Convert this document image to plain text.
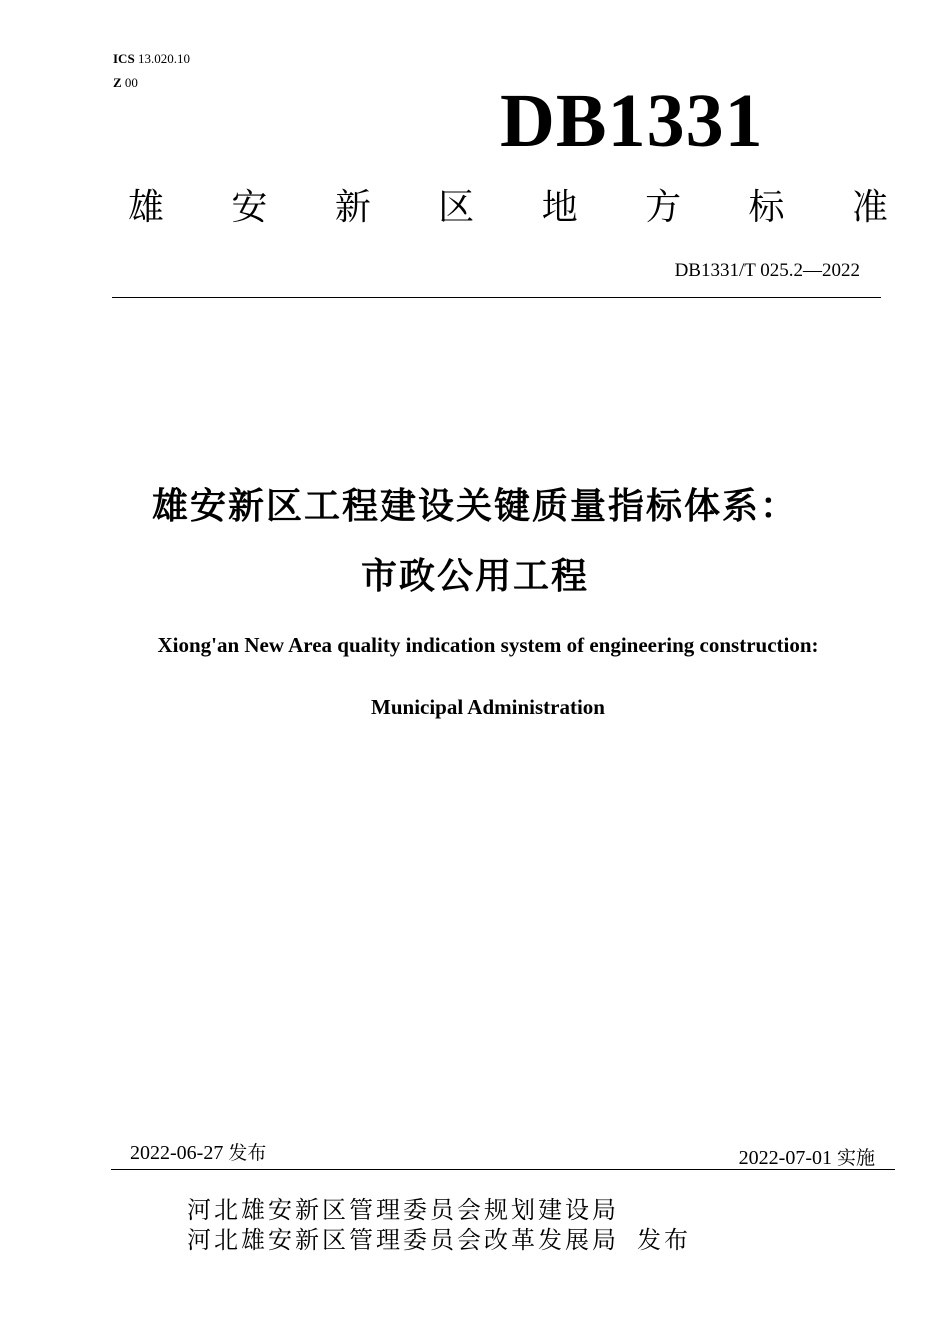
ICS 13.020.10
Z 00	DB1331
雄 安 新 区 地 方 标 准
DB1331/T 025.2—2022
雄安新区工程建设关键质量指标体系：
市政公用工程
Xiong'an New Area quality indication system of engineering construction:
Municipal Administration
2022-06-27 发布	2022-07-01 实施
河北雄安新区管理委员会规划建设局
河北雄安新区管理委员会改革发展局 发布
